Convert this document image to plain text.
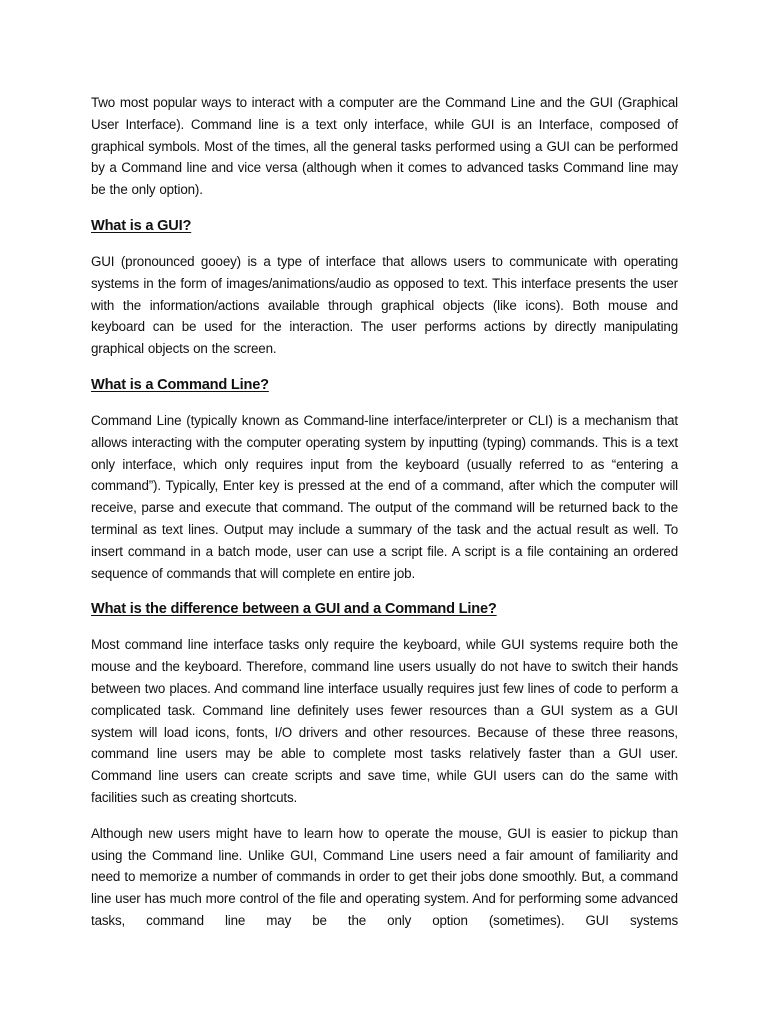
Two most popular ways to interact with a computer are the Command Line and the GUI (Graphical User Interface). Command line is a text only interface, while GUI is an Interface, composed of graphical symbols. Most of the times, all the general tasks performed using a GUI can be performed by a Command line and vice versa (although when it comes to advanced tasks Command line may be the only option).

What is a GUI?

GUI (pronounced gooey) is a type of interface that allows users to communicate with operating systems in the form of images/animations/audio as opposed to text. This interface presents the user with the information/actions available through graphical objects (like icons). Both mouse and keyboard can be used for the interaction. The user performs actions by directly manipulating graphical objects on the screen.

What is a Command Line?

Command Line (typically known as Command-line interface/interpreter or CLI) is a mechanism that allows interacting with the computer operating system by inputting (typing) commands. This is a text only interface, which only requires input from the keyboard (usually referred to as “entering a command”). Typically, Enter key is pressed at the end of a command, after which the computer will receive, parse and execute that command. The output of the command will be returned back to the terminal as text lines. Output may include a summary of the task and the actual result as well. To insert command in a batch mode, user can use a script file. A script is a file containing an ordered sequence of commands that will complete en entire job.

What is the difference between a GUI and a Command Line?

Most command line interface tasks only require the keyboard, while GUI systems require both the mouse and the keyboard. Therefore, command line users usually do not have to switch their hands between two places. And command line interface usually requires just few lines of code to perform a complicated task. Command line definitely uses fewer resources than a GUI system as a GUI system will load icons, fonts, I/O drivers and other resources. Because of these three reasons, command line users may be able to complete most tasks relatively faster than a GUI user. Command line users can create scripts and save time, while GUI users can do the same with facilities such as creating shortcuts.

Although new users might have to learn how to operate the mouse, GUI is easier to pickup than using the Command line. Unlike GUI, Command Line users need a fair amount of familiarity and need to memorize a number of commands in order to get their jobs done smoothly. But, a command line user has much more control of the file and operating system. And for performing some advanced tasks, command line may be the only option (sometimes). GUI systems
